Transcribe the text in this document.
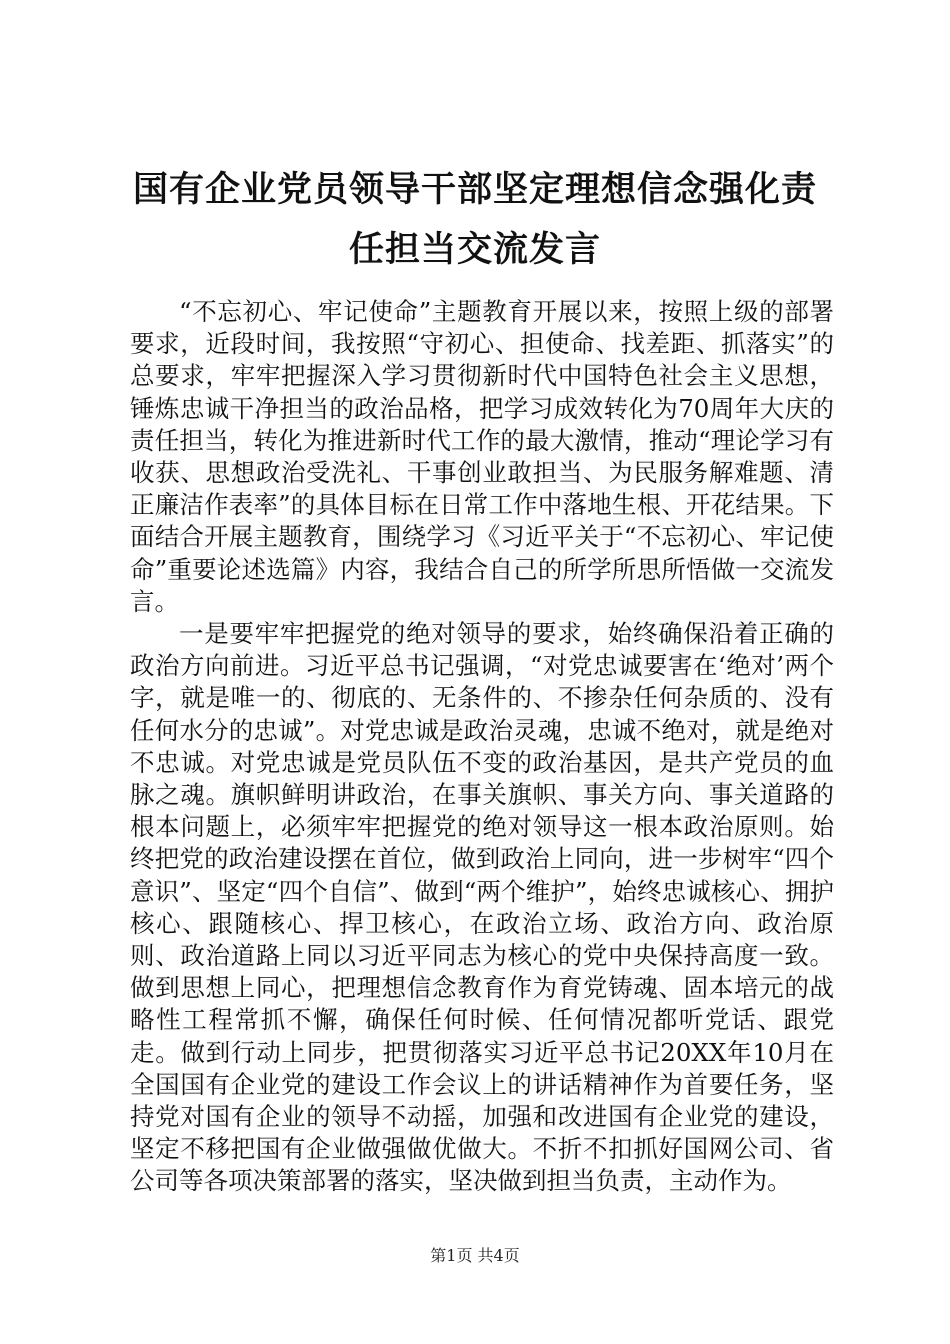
国有企业党员领导干部坚定理想信念强化责任担当交流发言

“不忘初心、牢记使命”主题教育开展以来，按照上级的部署要求，近段时间，我按照“守初心、担使命、找差距、抓落实”的总要求，牢牢把握深入学习贯彻新时代中国特色社会主义思想，锤炼忠诚干净担当的政治品格，把学习成效转化为70周年大庆的责任担当，转化为推进新时代工作的最大激情，推动“理论学习有收获、思想政治受洗礼、干事创业敢担当、为民服务解难题、清正廉洁作表率”的具体目标在日常工作中落地生根、开花结果。下面结合开展主题教育，围绕学习《习近平关于“不忘初心、牢记使命”重要论述选篇》内容，我结合自己的所学所思所悟做一交流发言。

一是要牢牢把握党的绝对领导的要求，始终确保沿着正确的政治方向前进。习近平总书记强调，“对党忠诚要害在‘绝对’两个字，就是唯一的、彻底的、无条件的、不掺杂任何杂质的、没有任何水分的忠诚”。对党忠诚是政治灵魂，忠诚不绝对，就是绝对不忠诚。对党忠诚是党员队伍不变的政治基因，是共产党员的血脉之魂。旗帜鲜明讲政治，在事关旗帜、事关方向、事关道路的根本问题上，必须牢牢把握党的绝对领导这一根本政治原则。始终把党的政治建设摆在首位，做到政治上同向，进一步树牢“四个意识”、坚定“四个自信”、做到“两个维护”，始终忠诚核心、拥护核心、跟随核心、捍卫核心，在政治立场、政治方向、政治原则、政治道路上同以习近平同志为核心的党中央保持高度一致。做到思想上同心，把理想信念教育作为育党铸魂、固本培元的战略性工程常抓不懈，确保任何时候、任何情况都听党话、跟党走。做到行动上同步，把贯彻落实习近平总书记20XX年10月在全国国有企业党的建设工作会议上的讲话精神作为首要任务，坚持党对国有企业的领导不动摇，加强和改进国有企业党的建设，坚定不移把国有企业做强做优做大。不折不扣抓好国网公司、省公司等各项决策部署的落实，坚决做到担当负责，主动作为。

第1页 共4页
